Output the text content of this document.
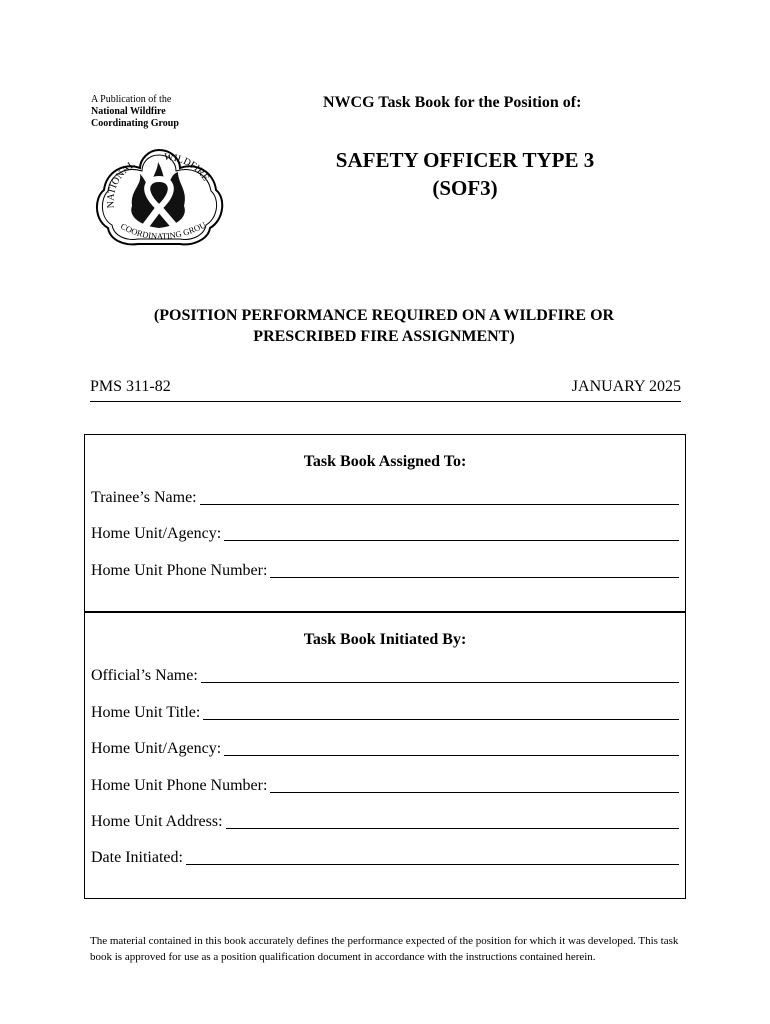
A Publication of the
National Wildfire
Coordinating Group
NWCG Task Book for the Position of:
NATIONAL
WILDFIRE
COORDINATING GROU
SAFETY OFFICER TYPE 3
(SOF3)
(POSITION PERFORMANCE REQUIRED ON A WILDFIRE OR
PRESCRIBED FIRE ASSIGNMENT)
PMS 311-82	JANUARY 2025
Task Book Assigned To:
Trainee’s Name:
Home Unit/Agency:
Home Unit Phone Number:
Task Book Initiated By:
Official’s Name:
Home Unit Title:
Home Unit/Agency:
Home Unit Phone Number:
Home Unit Address:
Date Initiated:
The material contained in this book accurately defines the performance expected of the position for which it was developed. This task book is approved for use as a position qualification document in accordance with the instructions contained herein.
